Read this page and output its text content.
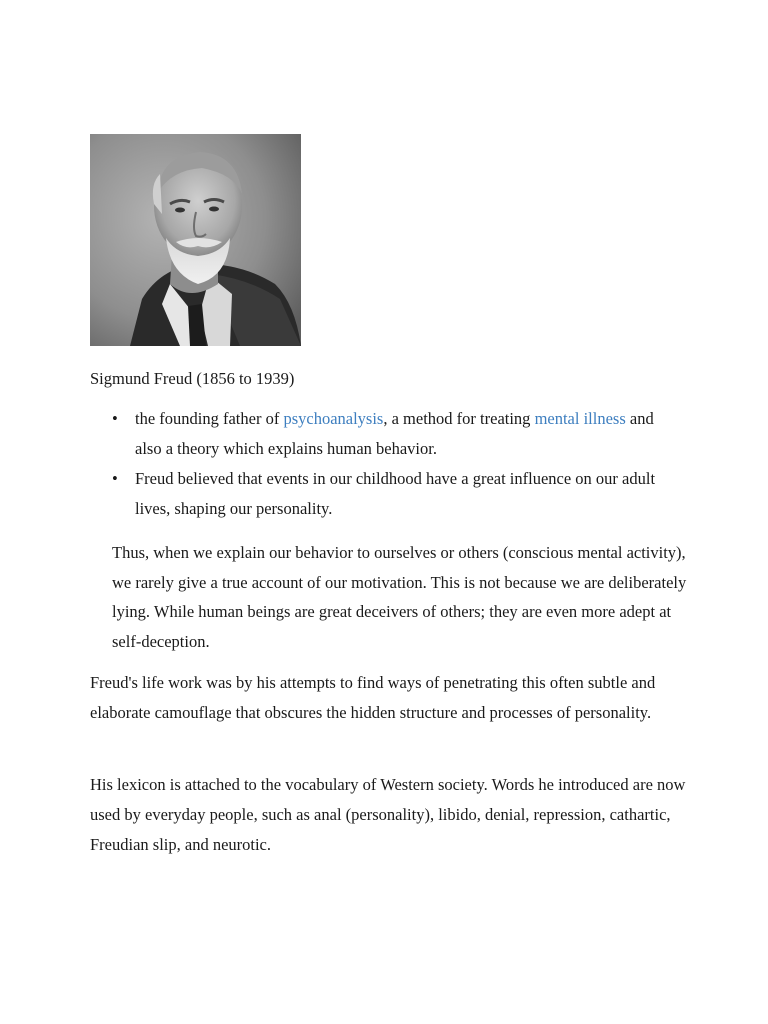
Sigmund Freud (1856 to 1939)

• the founding father of psychoanalysis, a method for treating mental illness and also a theory which explains human behavior.
• Freud believed that events in our childhood have a great influence on our adult lives, shaping our personality.

Thus, when we explain our behavior to ourselves or others (conscious mental activity), we rarely give a true account of our motivation. This is not because we are deliberately lying. While human beings are great deceivers of others; they are even more adept at self-deception.

Freud's life work was by his attempts to find ways of penetrating this often subtle and elaborate camouflage that obscures the hidden structure and processes of personality.

His lexicon is attached to the vocabulary of Western society. Words he introduced are now used by everyday people, such as anal (personality), libido, denial, repression, cathartic, Freudian slip, and neurotic.
